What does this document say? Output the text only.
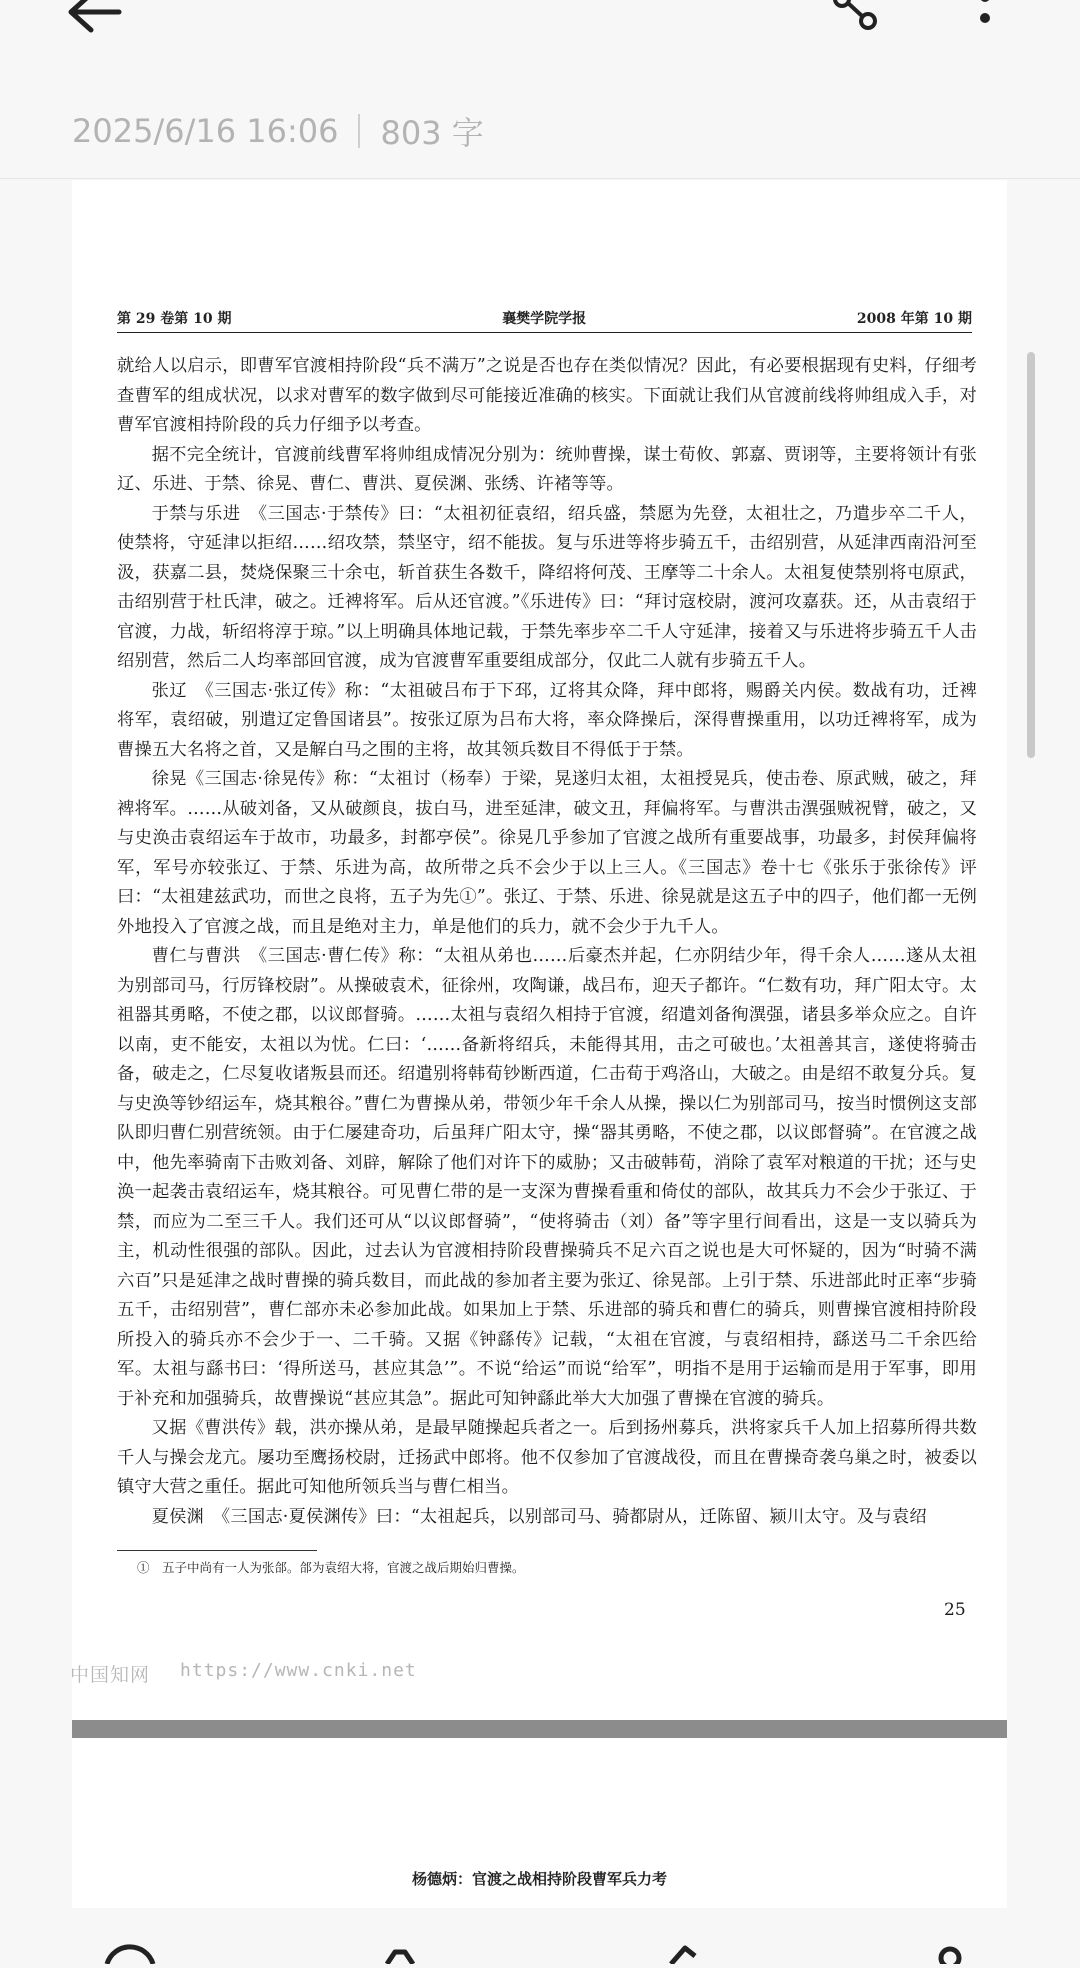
2025/6/16 16:06 803 字
第 29 卷第 10 期	襄樊学院学报	2008 年第 10 期

就给人以启示，即曹军官渡相持阶段“兵不满万”之说是否也存在类似情况？因此，有必要根据现有史料，仔细考查曹军的组成状况，以求对曹军的数字做到尽可能接近准确的核实。下面就让我们从官渡前线将帅组成入手，对曹军官渡相持阶段的兵力仔细予以考查。

据不完全统计，官渡前线曹军将帅组成情况分别为：统帅曹操，谋士荀攸、郭嘉、贾诩等，主要将领计有张辽、乐进、于禁、徐晃、曹仁、曹洪、夏侯渊、张绣、许褚等等。

于禁与乐进　《三国志·于禁传》曰：“太祖初征袁绍，绍兵盛，禁愿为先登，太祖壮之，乃遣步卒二千人，使禁将，守延津以拒绍……绍攻禁，禁坚守，绍不能拔。复与乐进等将步骑五千，击绍别营，从延津西南沿河至汲，获嘉二县，焚烧保聚三十余屯，斩首获生各数千，降绍将何茂、王摩等二十余人。太祖复使禁别将屯原武，击绍别营于杜氏津，破之。迁裨将军。后从还官渡。”《乐进传》曰：“拜讨寇校尉，渡河攻嘉获。还，从击袁绍于官渡，力战，斩绍将淳于琼。”以上明确具体地记载，于禁先率步卒二千人守延津，接着又与乐进将步骑五千人击绍别营，然后二人均率部回官渡，成为官渡曹军重要组成部分，仅此二人就有步骑五千人。

张辽　《三国志·张辽传》称：“太祖破吕布于下邳，辽将其众降，拜中郎将，赐爵关内侯。数战有功，迁裨将军，袁绍破，别遣辽定鲁国诸县”。按张辽原为吕布大将，率众降操后，深得曹操重用，以功迁裨将军，成为曹操五大名将之首，又是解白马之围的主将，故其领兵数目不得低于于禁。

徐晃《三国志·徐晃传》称：“太祖讨（杨奉）于梁，晃遂归太祖，太祖授晃兵，使击卷、原武贼，破之，拜裨将军。……从破刘备，又从破颜良，拔白马，进至延津，破文丑，拜偏将军。与曹洪击潩强贼祝臂，破之，又与史涣击袁绍运车于故市，功最多，封都亭侯”。徐晃几乎参加了官渡之战所有重要战事，功最多，封侯拜偏将军，军号亦较张辽、于禁、乐进为高，故所带之兵不会少于以上三人。《三国志》卷十七《张乐于张徐传》评曰：“太祖建兹武功，而世之良将，五子为先①”。张辽、于禁、乐进、徐晃就是这五子中的四子，他们都一无例外地投入了官渡之战，而且是绝对主力，单是他们的兵力，就不会少于九千人。

曹仁与曹洪　《三国志·曹仁传》称：“太祖从弟也……后豪杰并起，仁亦阴结少年，得千余人……遂从太祖为别部司马，行厉锋校尉”。从操破袁术，征徐州，攻陶谦，战吕布，迎天子都许。“仁数有功，拜广阳太守。太祖器其勇略，不使之郡，以议郎督骑。……太祖与袁绍久相持于官渡，绍遣刘备徇潩强，诸县多举众应之。自许以南，吏不能安，太祖以为忧。仁曰：‘……备新将绍兵，未能得其用，击之可破也。’太祖善其言，遂使将骑击备，破走之，仁尽复收诸叛县而还。绍遣别将韩荀钞断西道，仁击荀于鸡洛山，大破之。由是绍不敢复分兵。复与史涣等钞绍运车，烧其粮谷。”曹仁为曹操从弟，带领少年千余人从操，操以仁为别部司马，按当时惯例这支部队即归曹仁别营统领。由于仁屡建奇功，后虽拜广阳太守，操“器其勇略，不使之郡，以议郎督骑”。在官渡之战中，他先率骑南下击败刘备、刘辟，解除了他们对许下的威胁；又击破韩荀，消除了袁军对粮道的干扰；还与史涣一起袭击袁绍运车，烧其粮谷。可见曹仁带的是一支深为曹操看重和倚仗的部队，故其兵力不会少于张辽、于禁，而应为二至三千人。我们还可从“以议郎督骑”，“使将骑击（刘）备”等字里行间看出，这是一支以骑兵为主，机动性很强的部队。因此，过去认为官渡相持阶段曹操骑兵不足六百之说也是大可怀疑的，因为“时骑不满六百”只是延津之战时曹操的骑兵数目，而此战的参加者主要为张辽、徐晃部。上引于禁、乐进部此时正率“步骑五千，击绍别营”，曹仁部亦未必参加此战。如果加上于禁、乐进部的骑兵和曹仁的骑兵，则曹操官渡相持阶段所投入的骑兵亦不会少于一、二千骑。又据《钟繇传》记载，“太祖在官渡，与袁绍相持，繇送马二千余匹给军。太祖与繇书曰：‘得所送马，甚应其急’”。不说“给运”而说“给军”，明指不是用于运输而是用于军事，即用于补充和加强骑兵，故曹操说“甚应其急”。据此可知钟繇此举大大加强了曹操在官渡的骑兵。

又据《曹洪传》载，洪亦操从弟，是最早随操起兵者之一。后到扬州募兵，洪将家兵千人加上招募所得共数千人与操会龙亢。屡功至鹰扬校尉，迁扬武中郎将。他不仅参加了官渡战役，而且在曹操奇袭乌巢之时，被委以镇守大营之重任。据此可知他所领兵当与曹仁相当。

夏侯渊　《三国志·夏侯渊传》曰：“太祖起兵，以别部司马、骑都尉从，迁陈留、颍川太守。及与袁绍

①　五子中尚有一人为张郃。郃为袁绍大将，官渡之战后期始归曹操。
25
中国知网 https://www.cnki.net
杨德炳：官渡之战相持阶段曹军兵力考
